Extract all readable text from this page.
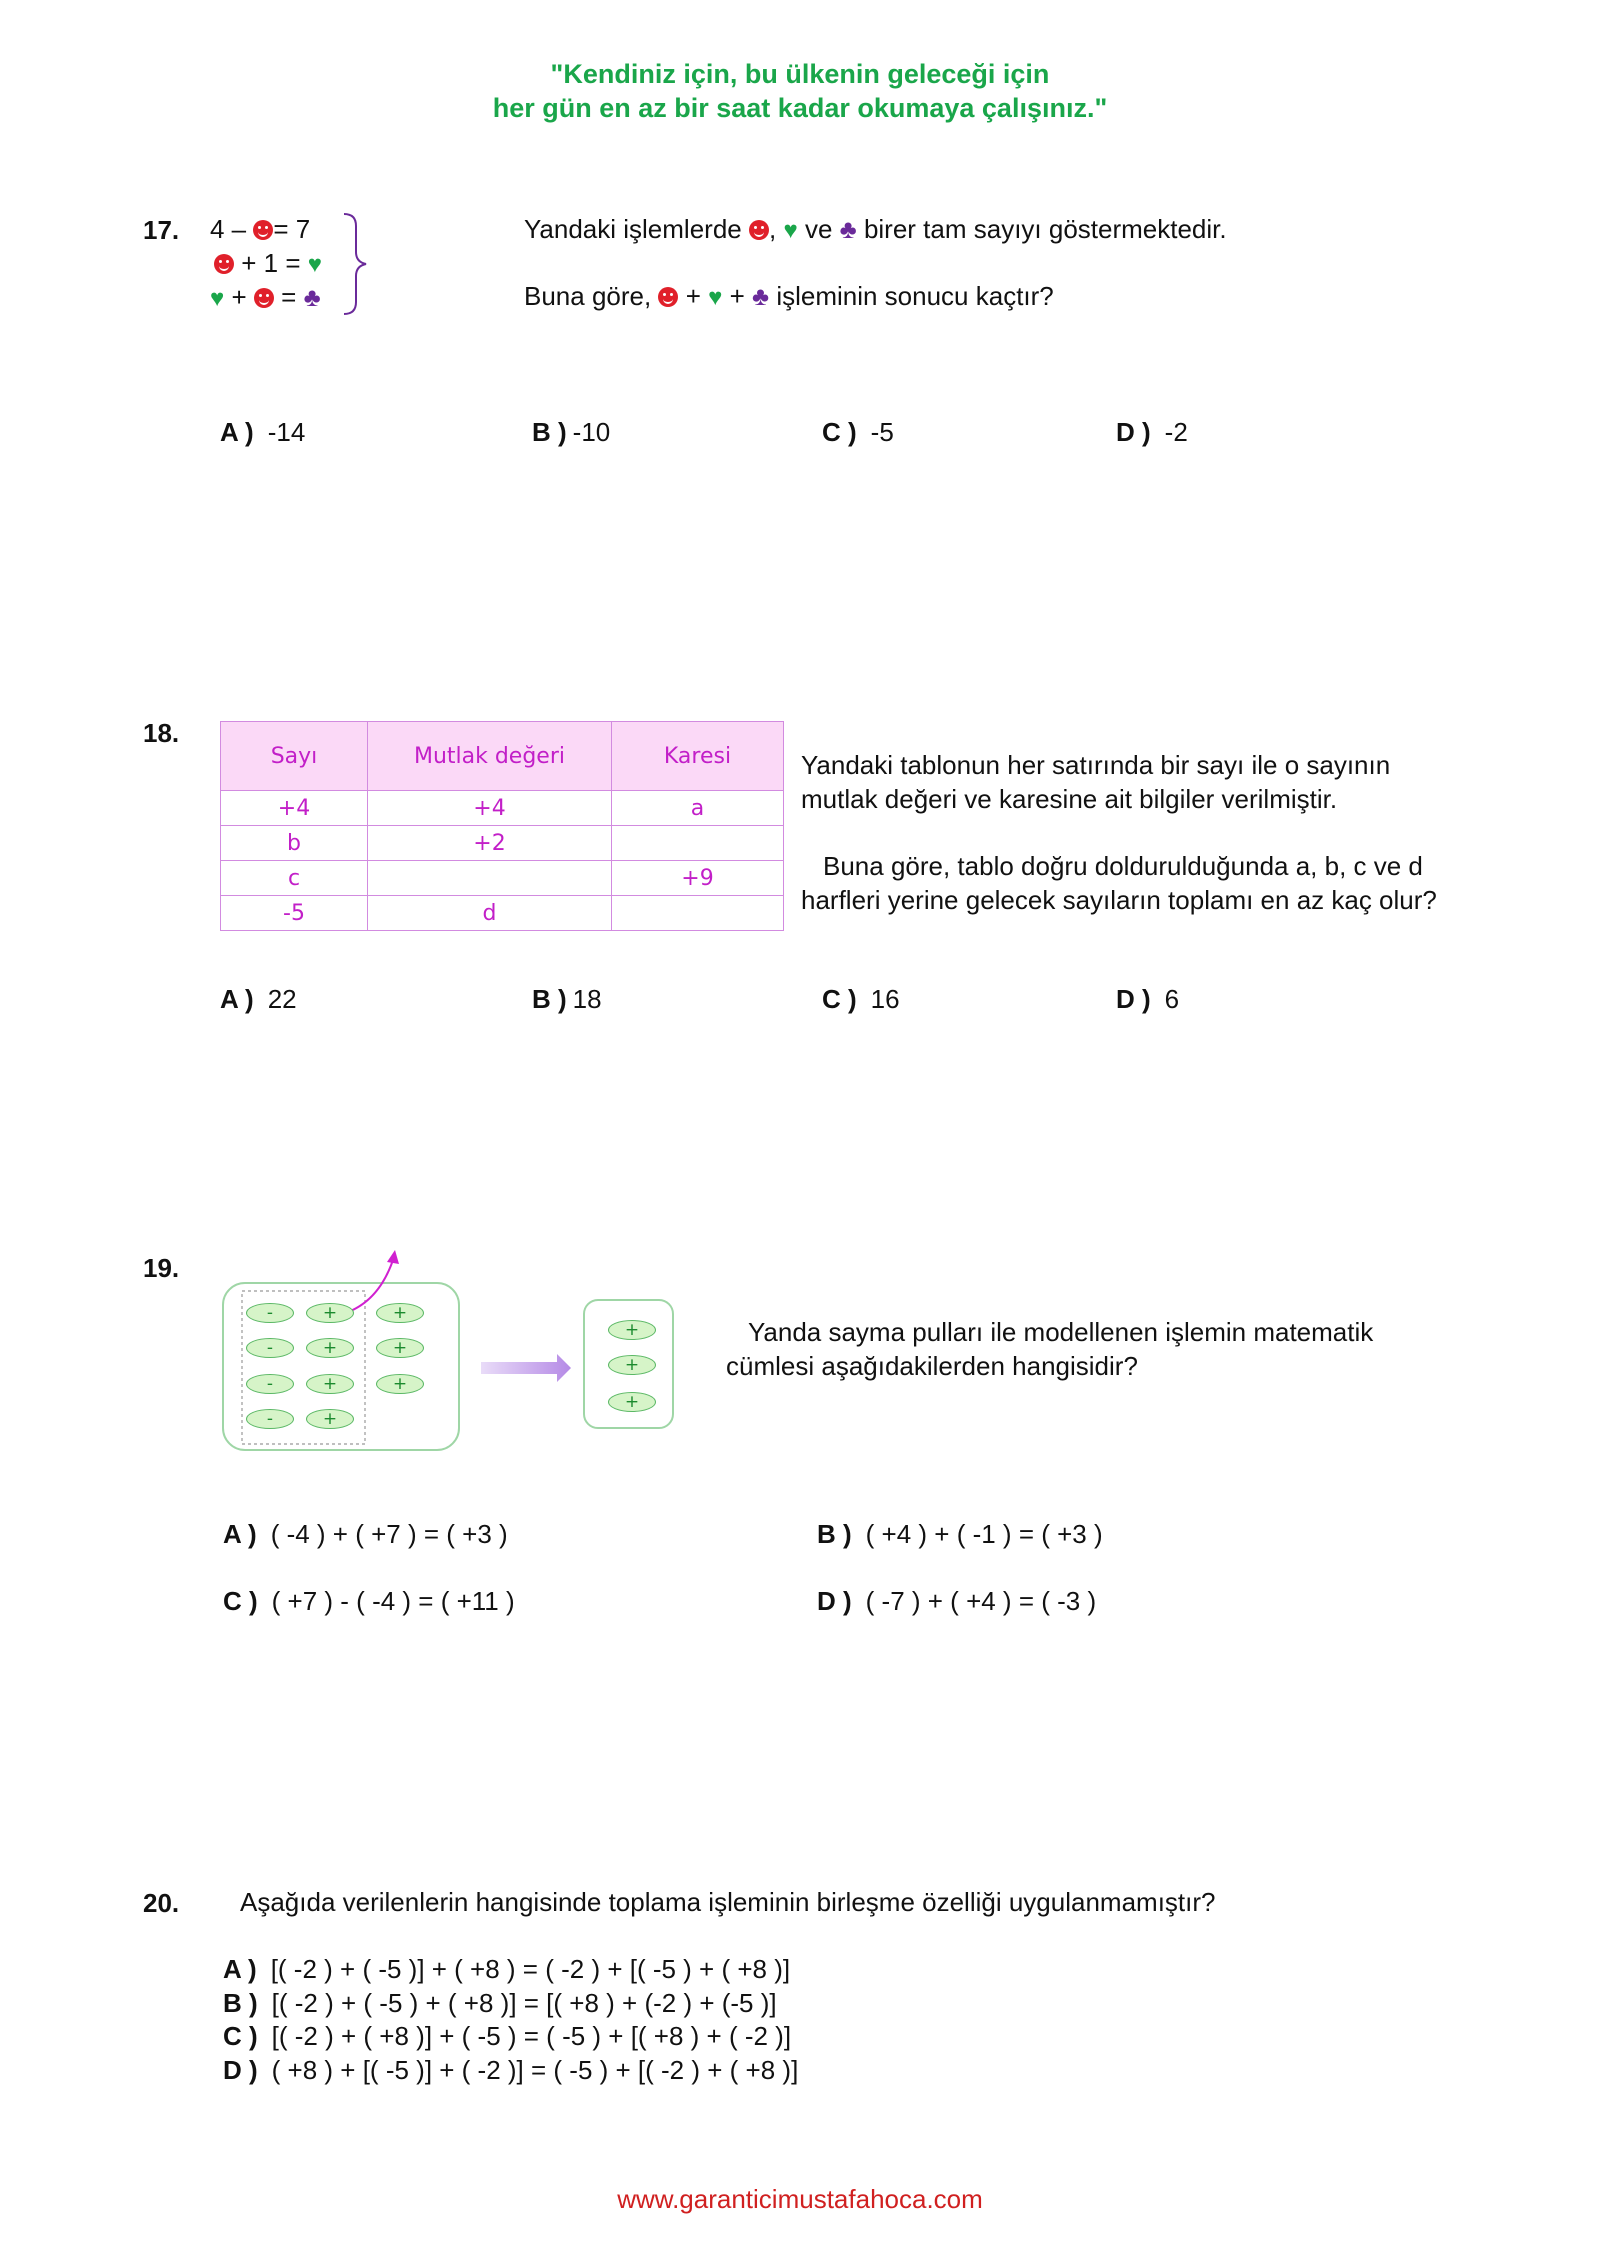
"Kendiniz için, bu ülkenin geleceği için
her gün en az bir saat kadar okumaya çalışınız."
17. 4 – = 7
+ 1 = ♥
♥ + = ♣
Yandaki işlemlerde , ♥ ve ♣ birer tam sayıyı göstermektedir.
Buna göre, + ♥ + ♣ işleminin sonucu kaçtır?
A ) -14	B ) -10	C ) -5	D ) -2
18.
Sayı	Mutlak değeri	Karesi
+4	+4	a
b	+2	
c		+9
-5	d	
Yandaki tablonun her satırında bir sayı ile o sayının
mutlak değeri ve karesine ait bilgiler verilmiştir.
Buna göre, tablo doğru doldurulduğunda a, b, c ve d
harfleri yerine gelecek sayıların toplamı en az kaç olur?
A ) 22	B ) 18	C ) 16	D ) 6
19.
-	+
-	+
-	+
-	+
+
+
+
+
+
+
Yanda sayma pulları ile modellenen işlemin matematik
cümlesi aşağıdakilerden hangisidir?
A ) ( -4 ) + ( +7 ) = ( +3 )	B ) ( +4 ) + ( -1 ) = ( +3 )
C ) ( +7 ) - ( -4 ) = ( +11 )	D ) ( -7 ) + ( +4 ) = ( -3 )
20. Aşağıda verilenlerin hangisinde toplama işleminin birleşme özelliği uygulanmamıştır?
A ) [( -2 ) + ( -5 )] + ( +8 ) = ( -2 ) + [( -5 ) + ( +8 )]
B ) [( -2 ) + ( -5 ) + ( +8 )] = [( +8 ) + (-2 ) + (-5 )]
C ) [( -2 ) + ( +8 )] + ( -5 ) = ( -5 ) + [( +8 ) + ( -2 )]
D ) ( +8 ) + [( -5 )] + ( -2 )] = ( -5 ) + [( -2 ) + ( +8 )]
www.garanticimustafahoca.com
